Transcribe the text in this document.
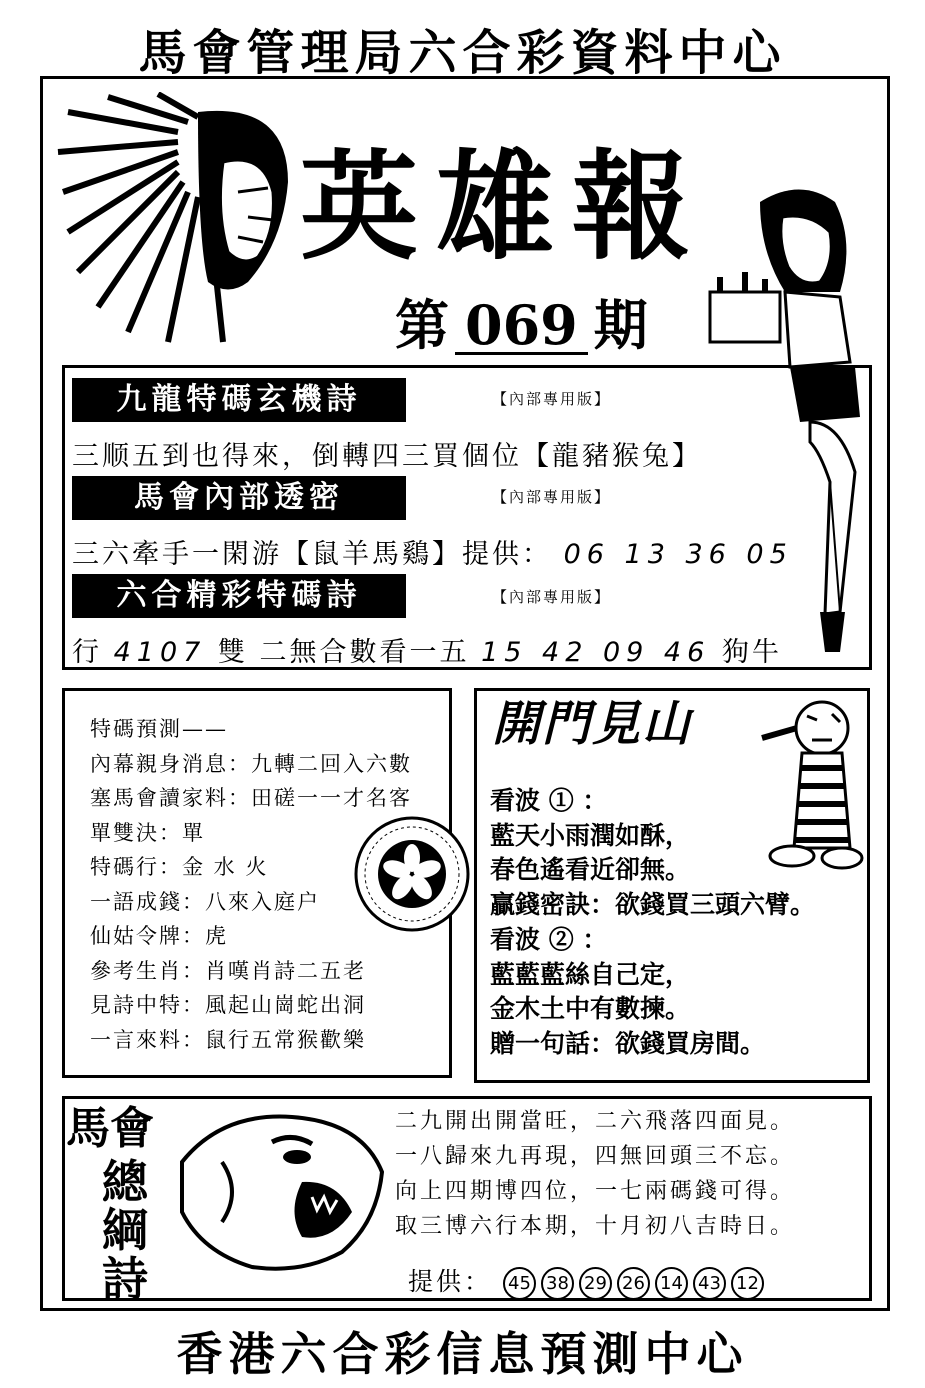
馬會管理局六合彩資料中心
英雄報
第 069 期
九龍特碼玄機詩	【內部專用版】
三顺五到也得來，倒轉四三買個位【龍豬猴兔】
馬會內部透密	【內部專用版】
三六牽手一閑游【鼠羊馬鷄】提供： 06 13 36 05
六合精彩特碼詩	【內部專用版】
行 4107 雙 二無合數看一五 15 42 09 46 狗牛
特碼預測——
內幕親身消息：九轉二回入六數
塞馬會讀家料：田磋一一才名客
單雙決：單
特碼行：金 水 火
一語成錢：八來入庭户
仙姑令牌：虎
參考生肖：肖嘆肖詩二五老
見詩中特：風起山崗蛇出洞
一言來料：鼠行五常猴歡樂
開門見山
看波 ① ：
藍天小雨潤如酥，
春色遙看近卻無。
贏錢密訣：欲錢買三頭六臂。
看波 ② ：
藍藍藍絲自己定，
金木土中有數揀。
贈一句話：欲錢買房間。
馬會
總
綱
詩
二九開出開當旺，二六飛落四面見。
一八歸來九再現，四無回頭三不忘。
向上四期博四位，一七兩碼錢可得。
取三博六行本期，十月初八吉時日。
提供： 45 38 29 26 14 43 12
香港六合彩信息預測中心
